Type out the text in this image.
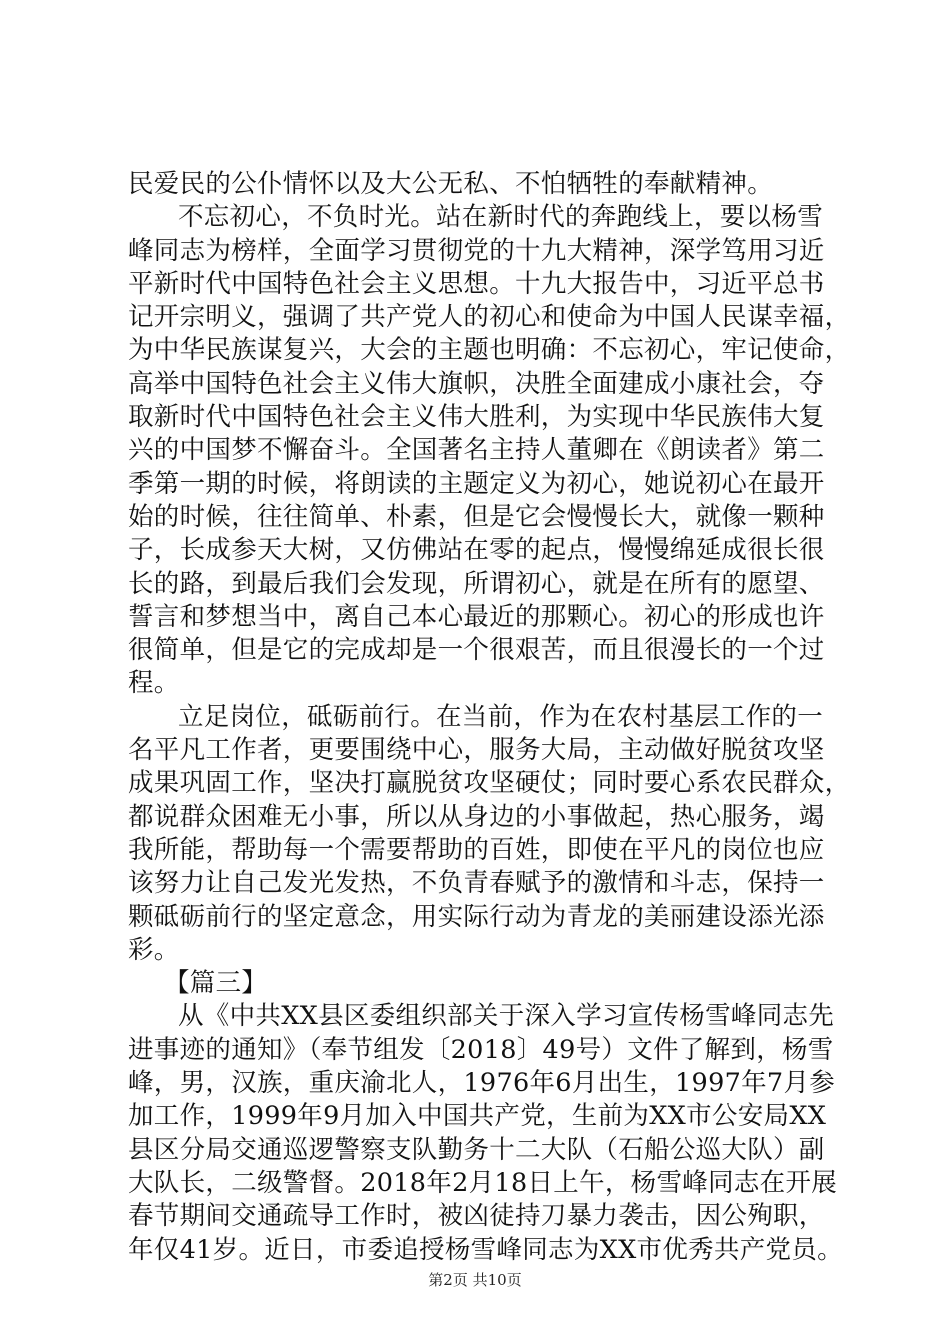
民爱民的公仆情怀以及大公无私、不怕牺牲的奉献精神。
不忘初心，不负时光。站在新时代的奔跑线上，要以杨雪
峰同志为榜样，全面学习贯彻党的十九大精神，深学笃用习近
平新时代中国特色社会主义思想。十九大报告中，习近平总书
记开宗明义，强调了共产党人的初心和使命为中国人民谋幸福，
为中华民族谋复兴，大会的主题也明确：不忘初心，牢记使命，
高举中国特色社会主义伟大旗帜，决胜全面建成小康社会，夺
取新时代中国特色社会主义伟大胜利，为实现中华民族伟大复
兴的中国梦不懈奋斗。全国著名主持人董卿在《朗读者》第二
季第一期的时候，将朗读的主题定义为初心，她说初心在最开
始的时候，往往简单、朴素，但是它会慢慢长大，就像一颗种
子，长成参天大树，又仿佛站在零的起点，慢慢绵延成很长很
长的路，到最后我们会发现，所谓初心，就是在所有的愿望、
誓言和梦想当中，离自己本心最近的那颗心。初心的形成也许
很简单，但是它的完成却是一个很艰苦，而且很漫长的一个过
程。
立足岗位，砥砺前行。在当前，作为在农村基层工作的一
名平凡工作者，更要围绕中心，服务大局，主动做好脱贫攻坚
成果巩固工作，坚决打赢脱贫攻坚硬仗；同时要心系农民群众，
都说群众困难无小事，所以从身边的小事做起，热心服务，竭
我所能，帮助每一个需要帮助的百姓，即使在平凡的岗位也应
该努力让自己发光发热，不负青春赋予的激情和斗志，保持一
颗砥砺前行的坚定意念，用实际行动为青龙的美丽建设添光添
彩。
【篇三】
从《中共XX县区委组织部关于深入学习宣传杨雪峰同志先
进事迹的通知》（奉节组发〔2018〕49号）文件了解到，杨雪
峰，男，汉族，重庆渝北人，1976年6月出生，1997年7月参
加工作，1999年9月加入中国共产党，生前为XX市公安局XX
县区分局交通巡逻警察支队勤务十二大队（石船公巡大队）副
大队长，二级警督。2018年2月18日上午，杨雪峰同志在开展
春节期间交通疏导工作时，被凶徒持刀暴力袭击，因公殉职，
年仅41岁。近日，市委追授杨雪峰同志为XX市优秀共产党员。
第2页 共10页
